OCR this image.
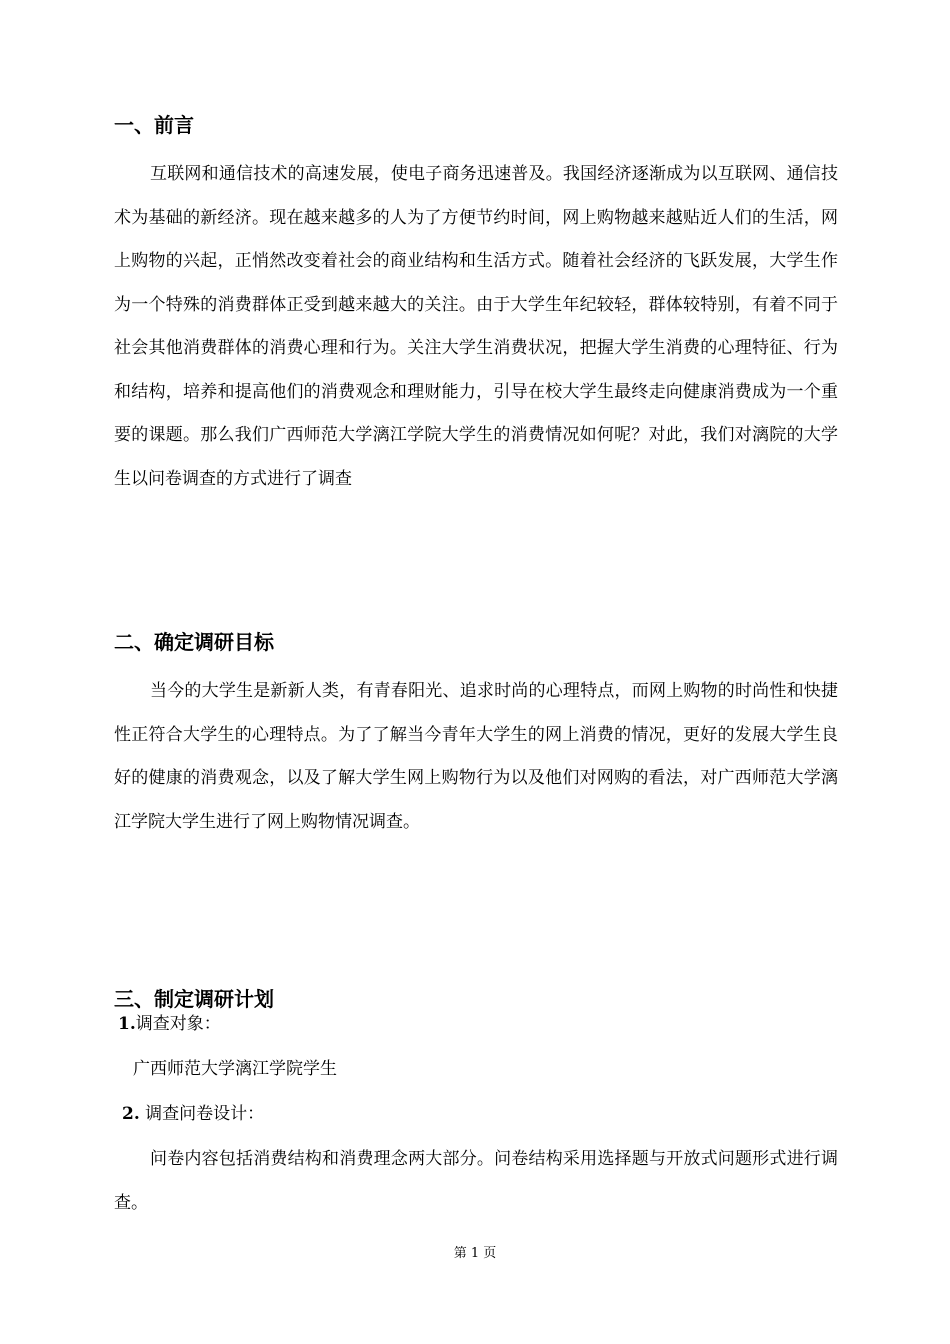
一、前言

互联网和通信技术的高速发展，使电子商务迅速普及。我国经济逐渐成为以互联网、通信技术为基础的新经济。现在越来越多的人为了方便节约时间，网上购物越来越贴近人们的生活，网上购物的兴起，正悄然改变着社会的商业结构和生活方式。随着社会经济的飞跃发展，大学生作为一个特殊的消费群体正受到越来越大的关注。由于大学生年纪较轻，群体较特别，有着不同于社会其他消费群体的消费心理和行为。关注大学生消费状况，把握大学生消费的心理特征、行为和结构，培养和提高他们的消费观念和理财能力，引导在校大学生最终走向健康消费成为一个重要的课题。那么我们广西师范大学漓江学院大学生的消费情况如何呢？对此，我们对漓院的大学生以问卷调查的方式进行了调查

二、确定调研目标

当今的大学生是新新人类，有青春阳光、追求时尚的心理特点，而网上购物的时尚性和快捷性正符合大学生的心理特点。为了了解当今青年大学生的网上消费的情况，更好的发展大学生良好的健康的消费观念，以及了解大学生网上购物行为以及他们对网购的看法，对广西师范大学漓江学院大学生进行了网上购物情况调查。

三、制定调研计划
1.调查对象：
广西师范大学漓江学院学生
2. 调查问卷设计：

问卷内容包括消费结构和消费理念两大部分。问卷结构采用选择题与开放式问题形式进行调查。

第 1 页
